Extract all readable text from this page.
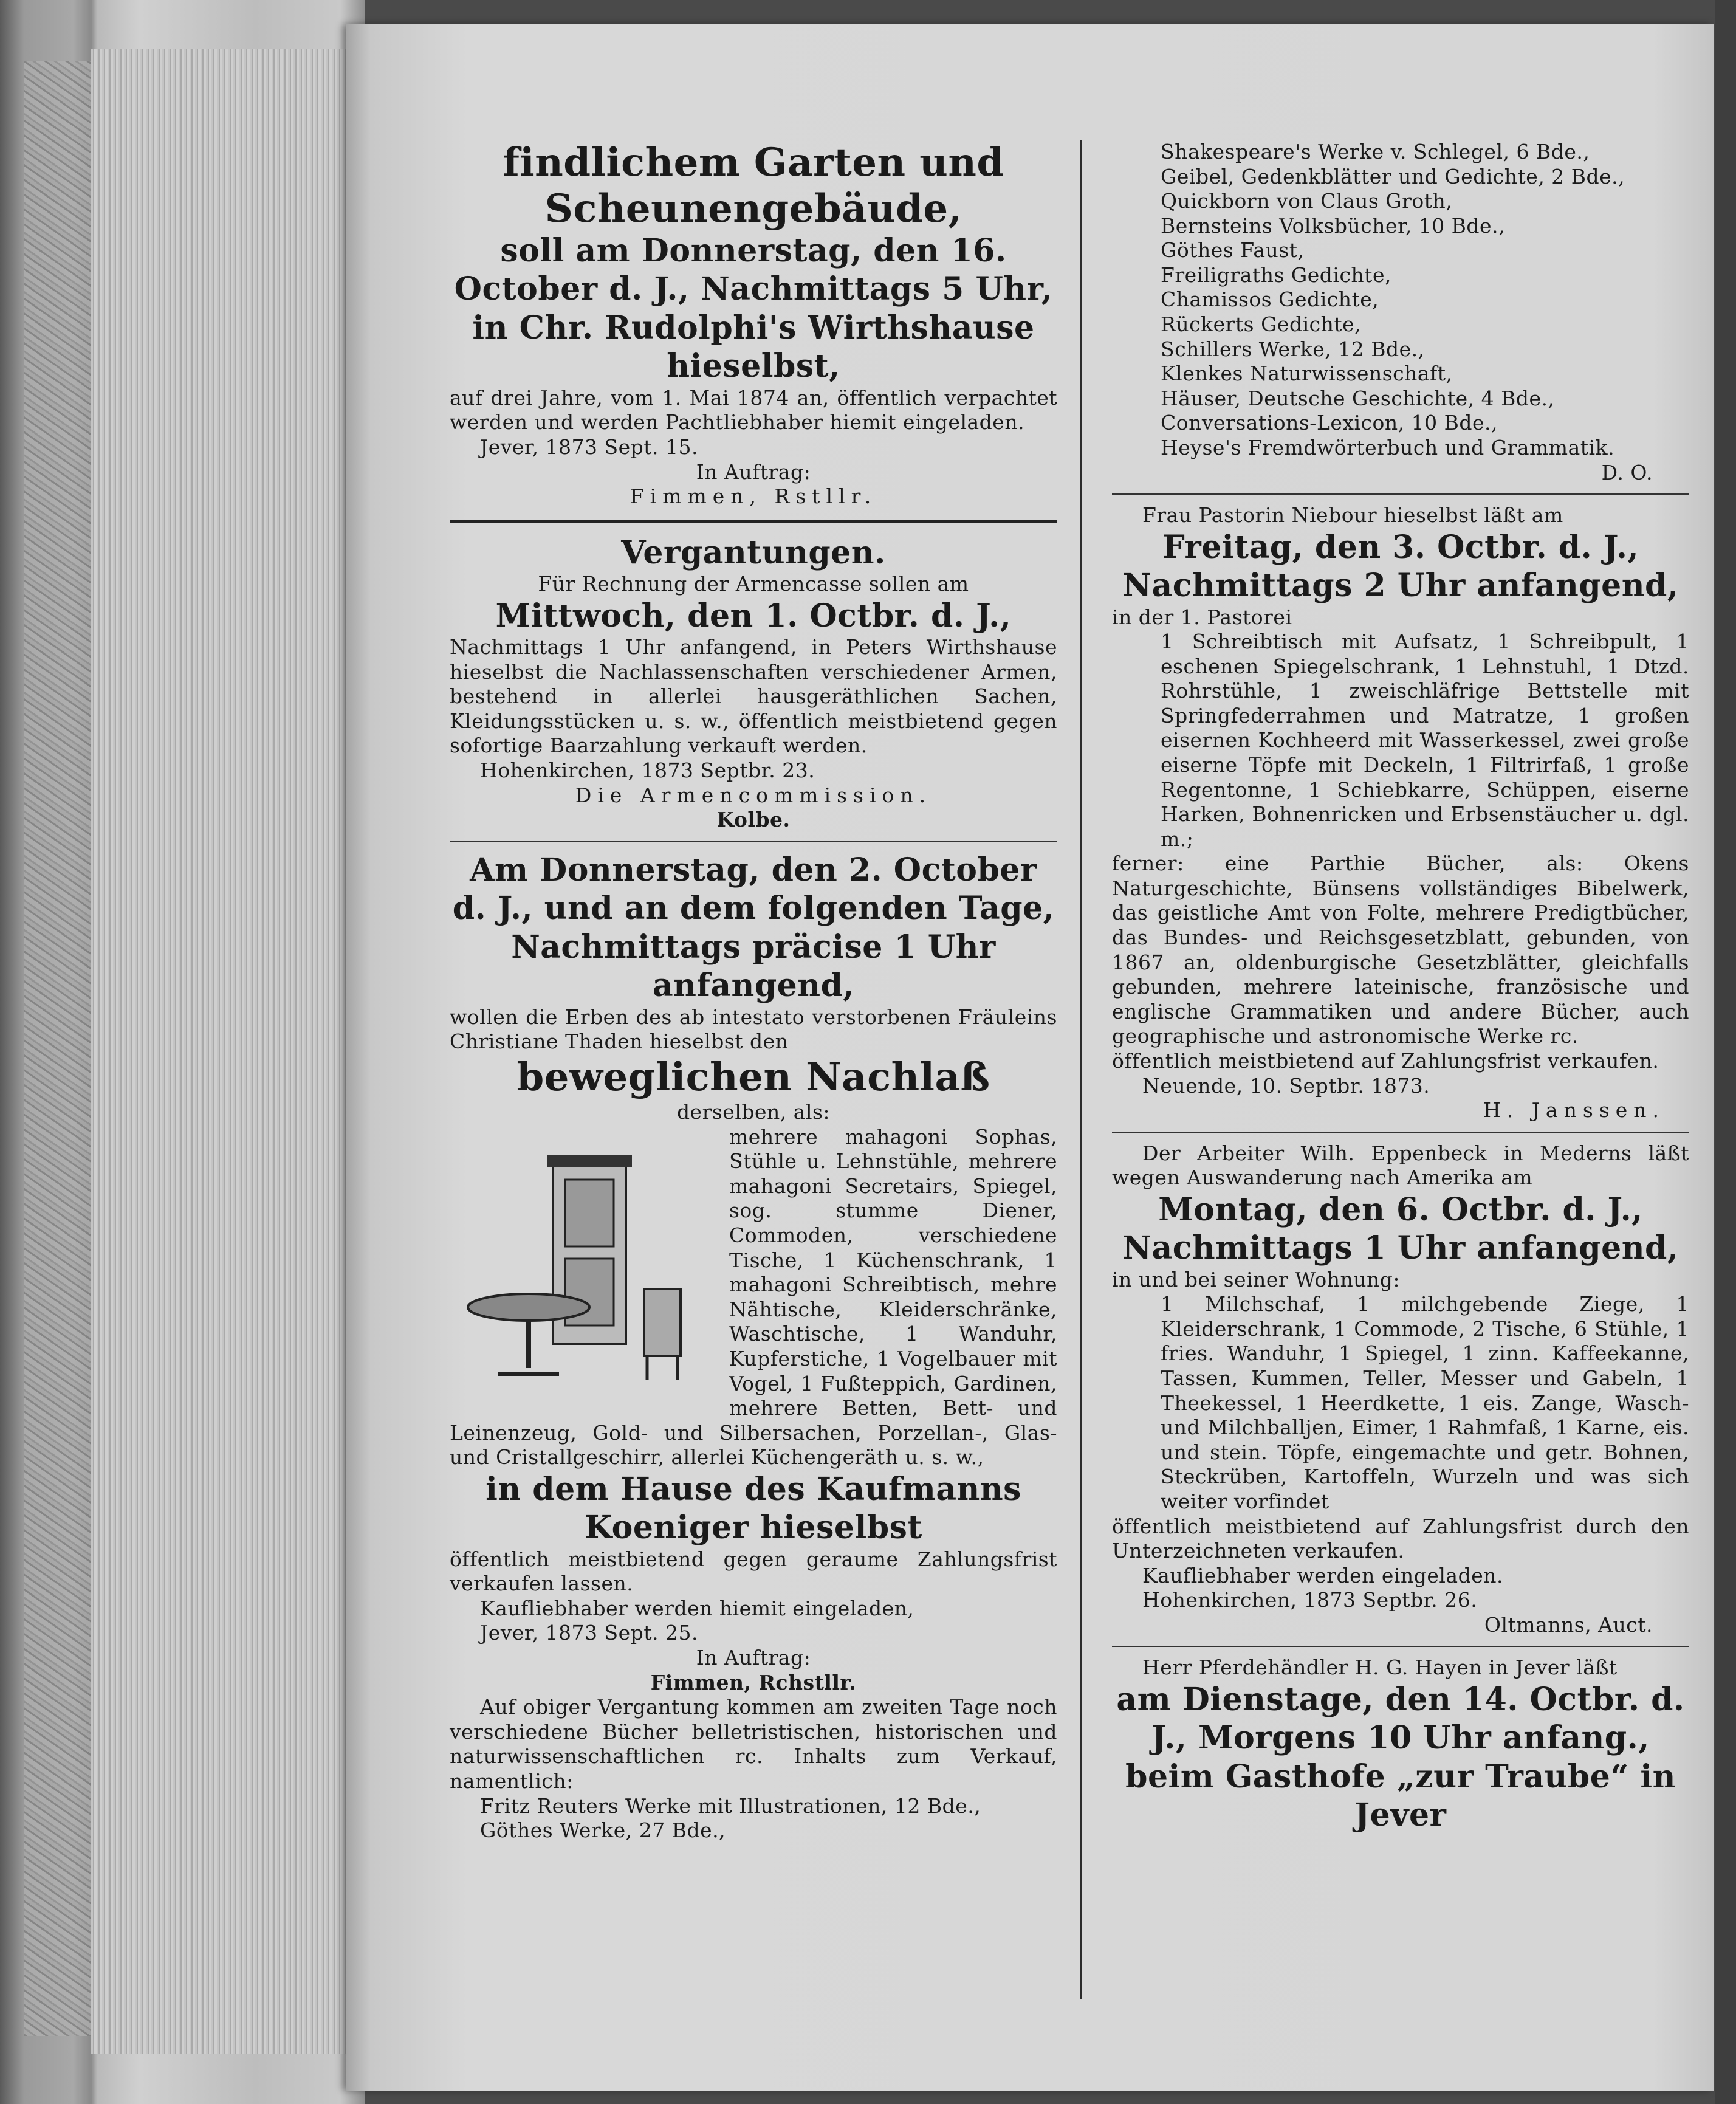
findlichem Garten und

Scheunengebäude,

soll am Donnerstag, den 16. October d. J., Nachmittags 5 Uhr,

in Chr. Rudolphi's Wirthshause hieselbst,

auf drei Jahre, vom 1. Mai 1874 an, öffentlich verpachtet werden und werden Pachtliebhaber hiemit eingeladen.

Jever, 1873 Sept. 15.

In Auftrag:

Fimmen, Rstllr.

Vergantungen.

Für Rechnung der Armencasse sollen am

Mittwoch, den 1. Octbr. d. J.,

Nachmittags 1 Uhr anfangend, in Peters Wirthshause hieselbst die Nachlassenschaften verschiedener Armen, bestehend in allerlei hausgeräthlichen Sachen, Kleidungsstücken u. s. w., öffentlich meistbietend gegen sofortige Baarzahlung verkauft werden.

Hohenkirchen, 1873 Septbr. 23.

Die Armencommission.

Kolbe.

Am Donnerstag, den 2. October d. J., und an dem folgenden Tage, Nachmittags präcise 1 Uhr anfangend,

wollen die Erben des ab intestato verstorbenen Fräuleins Christiane Thaden hieselbst den

beweglichen Nachlaß

derselben, als:

mehrere mahagoni Sophas, Stühle u. Lehnstühle, mehrere mahagoni Secretairs, Spiegel, sog. stumme Diener, Commoden, verschiedene Tische, 1 Küchenschrank, 1 mahagoni Schreibtisch, mehre Nähtische, Kleiderschränke, Waschtische, 1 Wanduhr, Kupferstiche, 1 Vogelbauer mit Vogel, 1 Fußteppich, Gardinen, mehrere Betten, Bett- und Leinenzeug, Gold- und Silbersachen, Porzellan-, Glas- und Cristallgeschirr, allerlei Küchengeräth u. s. w.,

in dem Hause des Kaufmanns Koeniger hieselbst

öffentlich meistbietend gegen geraume Zahlungsfrist verkaufen lassen.

Kaufliebhaber werden hiemit eingeladen,

Jever, 1873 Sept. 25.

In Auftrag:

Fimmen, Rchstllr.

Auf obiger Vergantung kommen am zweiten Tage noch verschiedene Bücher belletristischen, historischen und naturwissenschaftlichen rc. Inhalts zum Verkauf, namentlich:

Fritz Reuters Werke mit Illustrationen, 12 Bde.,

Göthes Werke, 27 Bde.,

Shakespeare's Werke v. Schlegel, 6 Bde.,

Geibel, Gedenkblätter und Gedichte, 2 Bde.,

Quickborn von Claus Groth,

Bernsteins Volksbücher, 10 Bde.,

Göthes Faust,

Freiligraths Gedichte,

Chamissos Gedichte,

Rückerts Gedichte,

Schillers Werke, 12 Bde.,

Klenkes Naturwissenschaft,

Häuser, Deutsche Geschichte, 4 Bde.,

Conversations-Lexicon, 10 Bde.,

Heyse's Fremdwörterbuch und Grammatik.

D. O.

Frau Pastorin Niebour hieselbst läßt am

Freitag, den 3. Octbr. d. J.,

Nachmittags 2 Uhr anfangend,

in der 1. Pastorei

1 Schreibtisch mit Aufsatz, 1 Schreibpult, 1 eschenen Spiegelschrank, 1 Lehnstuhl, 1 Dtzd. Rohrstühle, 1 zweischläfrige Bettstelle mit Springfederrahmen und Matratze, 1 großen eisernen Kochheerd mit Wasserkessel, zwei große eiserne Töpfe mit Deckeln, 1 Filtrirfaß, 1 große Regentonne, 1 Schiebkarre, Schüppen, eiserne Harken, Bohnenricken und Erbsenstäucher u. dgl. m.;

ferner: eine Parthie Bücher, als: Okens Naturgeschichte, Bünsens vollständiges Bibelwerk, das geistliche Amt von Folte, mehrere Predigtbücher, das Bundes- und Reichsgesetzblatt, gebunden, von 1867 an, oldenburgische Gesetzblätter, gleichfalls gebunden, mehrere lateinische, französische und englische Grammatiken und andere Bücher, auch geographische und astronomische Werke rc.

öffentlich meistbietend auf Zahlungsfrist verkaufen.

Neuende, 10. Septbr. 1873.

H. Janssen.

Der Arbeiter Wilh. Eppenbeck in Mederns läßt wegen Auswanderung nach Amerika am

Montag, den 6. Octbr. d. J.,

Nachmittags 1 Uhr anfangend,

in und bei seiner Wohnung:

1 Milchschaf, 1 milchgebende Ziege, 1 Kleiderschrank, 1 Commode, 2 Tische, 6 Stühle, 1 fries. Wanduhr, 1 Spiegel, 1 zinn. Kaffeekanne, Tassen, Kummen, Teller, Messer und Gabeln, 1 Theekessel, 1 Heerdkette, 1 eis. Zange, Wasch- und Milchballjen, Eimer, 1 Rahmfaß, 1 Karne, eis. und stein. Töpfe, eingemachte und getr. Bohnen, Steckrüben, Kartoffeln, Wurzeln und was sich weiter vorfindet

öffentlich meistbietend auf Zahlungsfrist durch den Unterzeichneten verkaufen.

Kaufliebhaber werden eingeladen.

Hohenkirchen, 1873 Septbr. 26.

Oltmanns, Auct.

Herr Pferdehändler H. G. Hayen in Jever läßt

am Dienstage, den 14. Octbr. d. J., Morgens 10 Uhr anfang., beim Gasthofe „zur Traube“ in Jever
